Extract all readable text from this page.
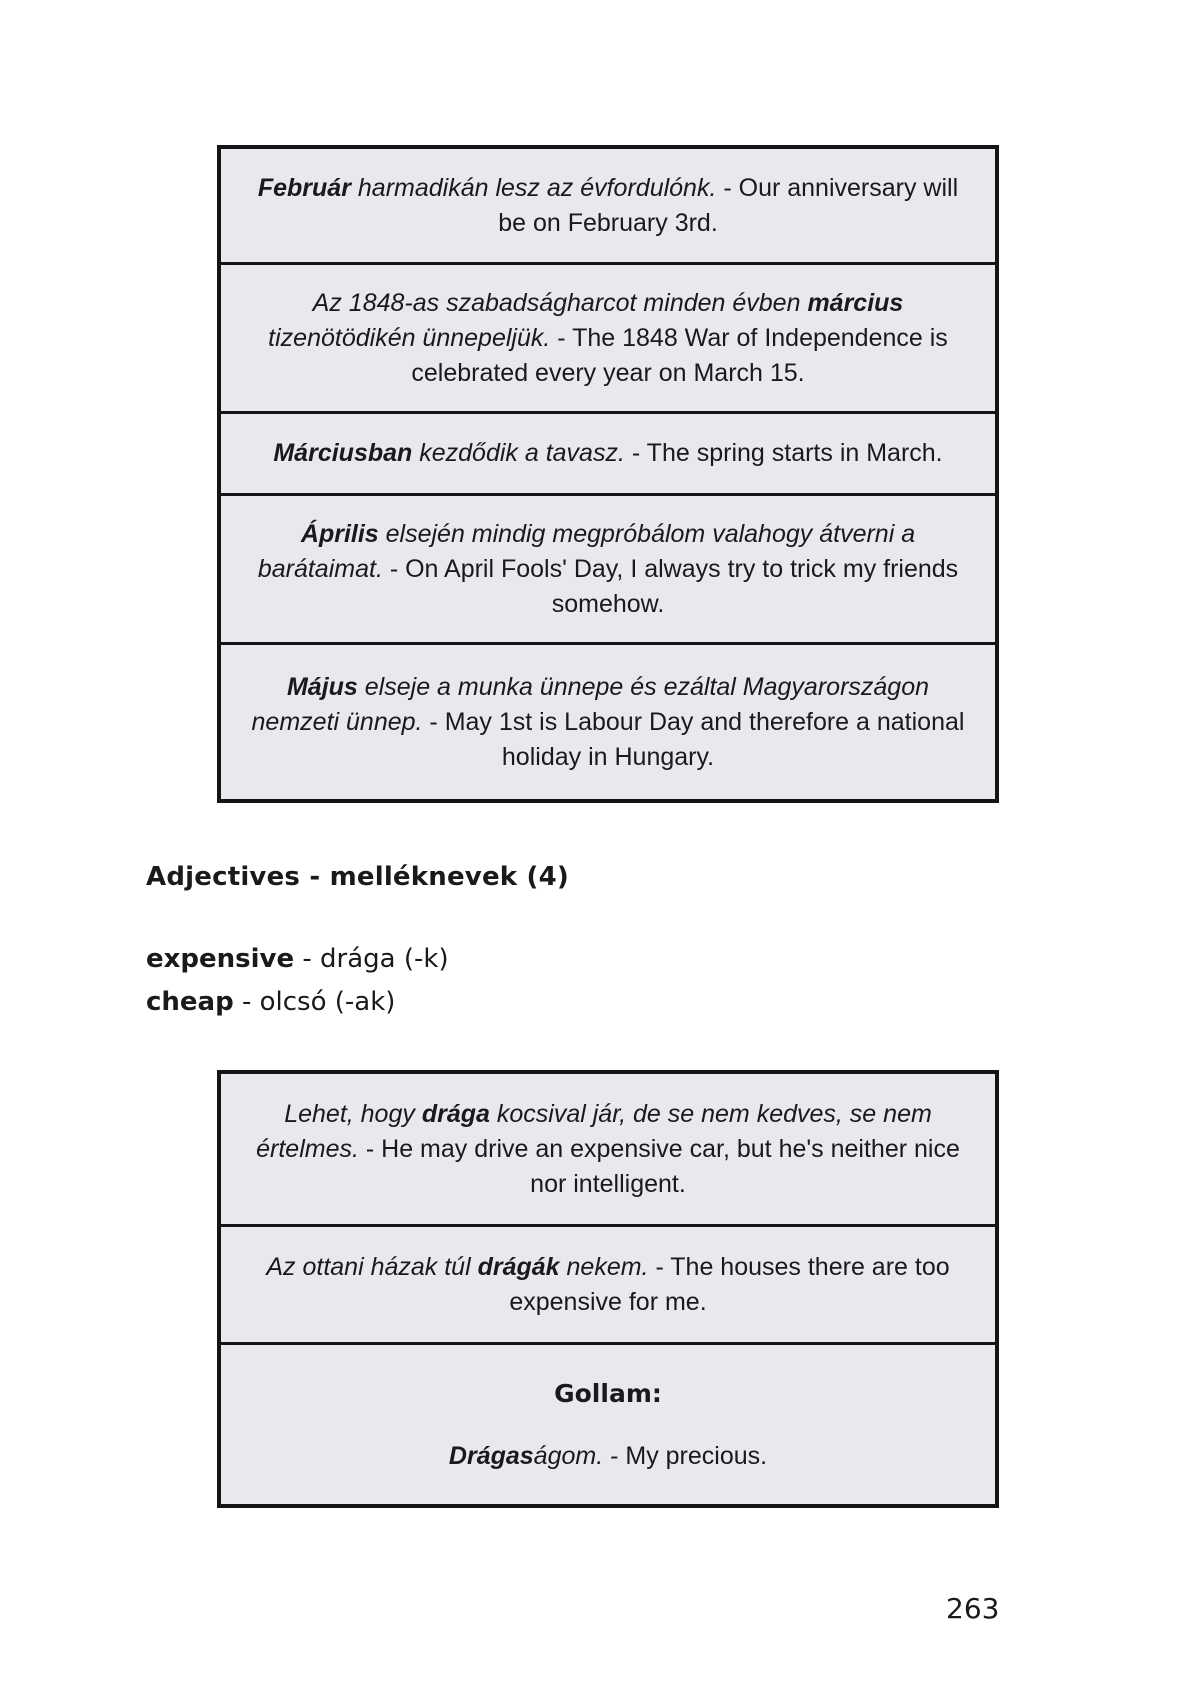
Február harmadikán lesz az évfordulónk. - Our anniversary will be on February 3rd.

Az 1848-as szabadságharcot minden évben március tizenötödikén ünnepeljük. - The 1848 War of Independence is celebrated every year on March 15.

Márciusban kezdődik a tavasz. - The spring starts in March.

Április elsején mindig megpróbálom valahogy átverni a barátaimat. - On April Fools' Day, I always try to trick my friends somehow.

Május elseje a munka ünnepe és ezáltal Magyarországon nemzeti ünnep. - May 1st is Labour Day and therefore a national holiday in Hungary.

Adjectives - melléknevek (4)
expensive - drága (-k)
cheap - olcsó (-ak)

Lehet, hogy drága kocsival jár, de se nem kedves, se nem értelmes. - He may drive an expensive car, but he's neither nice nor intelligent.

Az ottani házak túl drágák nekem. - The houses there are too expensive for me.

Gollam:

Drágaságom. - My precious.

263
